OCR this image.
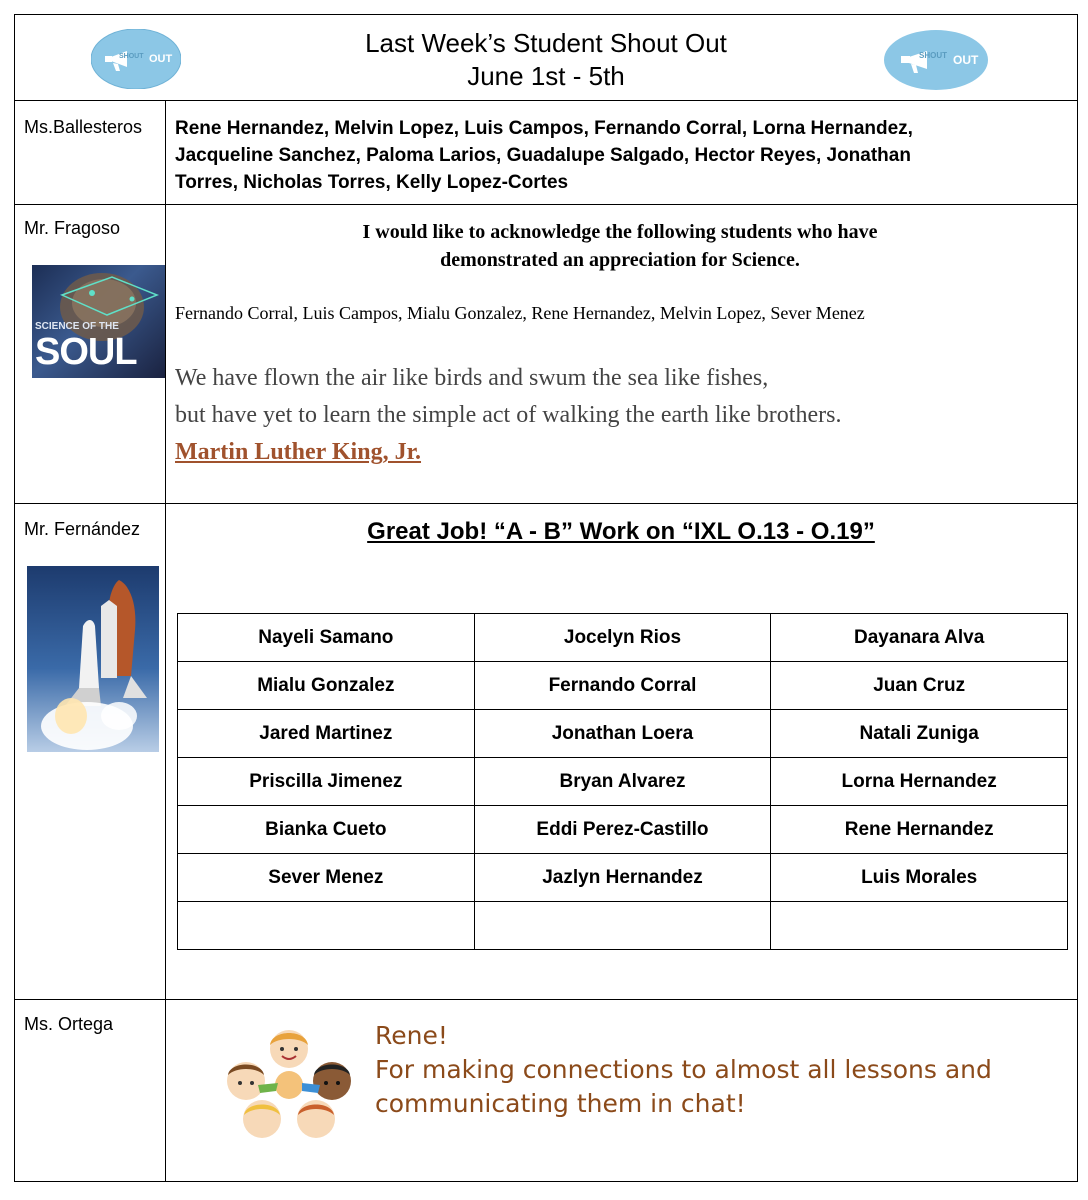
Last Week’s Student Shout Out
June 1st - 5th
SHOUT OUT	SHOUT OUT
Ms.Ballesteros Rene Hernandez, Melvin Lopez, Luis Campos, Fernando Corral, Lorna Hernandez,
Jacqueline Sanchez, Paloma Larios, Guadalupe Salgado, Hector Reyes, Jonathan
Torres, Nicholas Torres, Kelly Lopez-Cortes
Mr. Fragoso
SCIENCE OF THE
SOUL
I would like to acknowledge the following students who have
demonstrated an appreciation for Science.
Fernando Corral, Luis Campos, Mialu Gonzalez, Rene Hernandez, Melvin Lopez, Sever Menez
We have flown the air like birds and swum the sea like fishes,
but have yet to learn the simple act of walking the earth like brothers.
Martin Luther King, Jr.
Mr. Fernández	Great Job! “A - B” Work on “IXL O.13 - O.19”
Nayeli Samano	Jocelyn Rios	Dayanara Alva
Mialu Gonzalez	Fernando Corral	Juan Cruz
Jared Martinez	Jonathan Loera	Natali Zuniga
Priscilla Jimenez	Bryan Alvarez	Lorna Hernandez
Bianka Cueto	Eddi Perez-Castillo	Rene Hernandez
Sever Menez	Jazlyn Hernandez	Luis Morales

Ms. Ortega	Rene!
For making connections to almost all lessons and
communicating them in chat!
